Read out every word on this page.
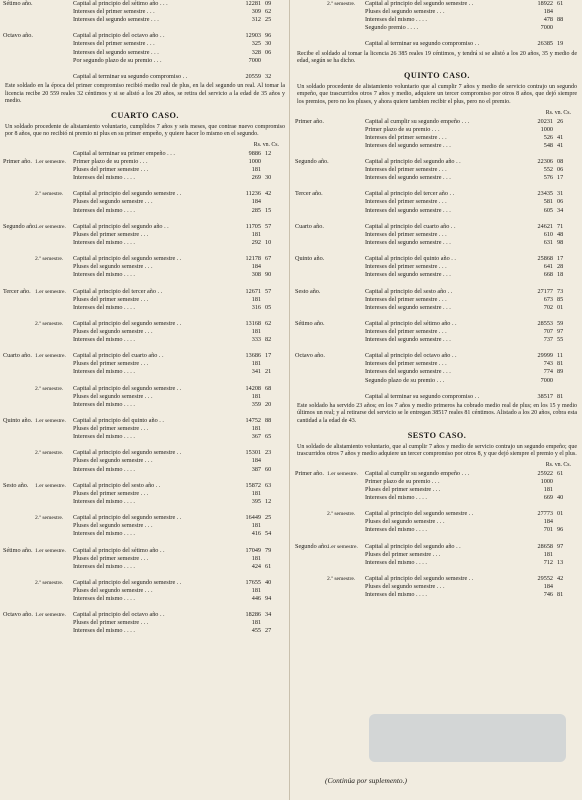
Sétimo año.	Capital al principio del sétimo año . . .	12281 09
Intereses del primer semestre . . .	309 62
Intereses del segundo semestre . . .	312 25
Octavo año.	Capital al principio del octavo año . .	12903 96
Intereses del primer semestre . . .	325 30
Intereses del segundo semestre . . .	328 06
Por segundo plazo de su premio . . .	7000
Capital al terminar su segundo compromiso . .	20559 32
Este soldado en la época del primer compromiso recibió medio real de plus, en la del segundo un real. Al tomar la licencia recibe 20 559 reales 32 céntimos y si se alistó a los 20 años, se retira del servicio a la edad de 35 años y medio.
CUARTO CASO.
Un soldado procedente de alistamiento voluntario, cumplidos 7 años y seis meses, que contrae nuevo compromiso por 8 años, que no recibió ni premio ni plus en su primer empeño, y quiere hacer lo mismo en el segundo.
Rs. vn. Cs.
Capital al terminar su primer empeño . . .	9886 12
Primer año. 1.er semestre.	Primer plazo de su premio . . .	1000
Pluses del primer semestre . . .	181
Intereses del mismo . . . .	269 30
2.º semestre.	Capital al principio del segundo semestre . .	11236 42
Pluses del segundo semestre . . .	184
Intereses del mismo . . . .	285 15
Segundo año.
1.er semestre.	Capital al principio del segundo año . .	11705 57
Pluses del primer semestre . . .	181
Intereses del mismo . . . .	292 10
2.º semestre.	Capital al principio del segundo semestre . .	12178 67
Pluses del segundo semestre . . .	184
Intereses del mismo . . . .	308 90
Tercer año. 1.er semestre.	Capital al principio del tercer año . .	12671 57
Pluses del primer semestre . . .	181
Intereses del mismo . . . .	316 05
2.º semestre.	Capital al principio del segundo semestre . .	13168 62
Pluses del segundo semestre . . .	181
Intereses del mismo . . . .	333 82
Cuarto año. 1.er semestre.	Capital al principio del cuarto año . .	13686 17
Pluses del primer semestre . . .	181
Intereses del mismo . . . .	341 21
2.º semestre.	Capital al principio del segundo semestre . .	14208 68
Pluses del segundo semestre . . .	181
Intereses del mismo . . . .	359 20
Quinto año. 1.er semestre.	Capital al principio del quinto año . .	14752 88
Pluses del primer semestre . . .	181
Intereses del mismo . . . .	367 65
2.º semestre.	Capital al principio del segundo semestre . .	15301 23
Pluses del segundo semestre . . .	184
Intereses del mismo . . . .	387 60
Sesto año.	1.er semestre.	Capital al principio del sesto año . .	15872 63
Pluses del primer semestre . . .	181
Intereses del mismo . . . .	395 12
2.º semestre.	Capital al principio del segundo semestre . .	16449 25
Pluses del segundo semestre . . .	181
Intereses del mismo . . . .	416 54
Sétimo año. 1.er semestre.	Capital al principio del sétimo año . .	17049 79
Pluses del primer semestre . . .	181
Intereses del mismo . . . .	424 61
2.º semestre.	Capital al principio del segundo semestre . .	17655 40
Pluses del segundo semestre . . .	181
Intereses del mismo . . . .	446 94
Octavo año. 1.er semestre.	Capital al principio del octavo año . .	18286 34
Pluses del primer semestre . . .	181
Intereses del mismo . . . .	455 27
2.º semestre.	Capital al principio del segundo semestre . .	18922 61
Pluses del segundo semestre . . .	184
Intereses del mismo . . . .	478 88
Segundo premio . . . .	7000
Capital al terminar su segundo compromiso . .	26385 19
Recibe el soldado al tomar la licencia 26 385 reales 19 céntimos, y tendrá si se alistó a los 20 años, 35 y medio de edad, según se ha dicho.
QUINTO CASO.
Un soldado procedente de alistamiento voluntario que al cumplir 7 años y medio de servicio contrajo un segundo empeño, que trascurridos otros 7 años y medio, adquiere un tercer compromiso por otros 8 años, que dejó siempre los premios, pero no los pluses, y ahora quiere tambien recibir el plus, pero no el premio.
Rs. vn. Cs.
Primer año.	Capital al cumplir su segundo empeño . . .	20231 26
Primer plazo de su premio . . .	1000
Intereses del primer semestre . . .	526 41
Intereses del segundo semestre . . .	548 41
Segundo año.	Capital al principio del segundo año . .	22306 08
Intereses del primer semestre . . .	552 06
Intereses del segundo semestre . . .	576 17
Tercer año.	Capital al principio del tercer año . .	23435 31
Intereses del primer semestre . . .	581 06
Intereses del segundo semestre . . .	605 34
Cuarto año.	Capital al principio del cuarto año . .	24621 71
Intereses del primer semestre . . .	610 48
Intereses del segundo semestre . . .	631 98
Quinto año.	Capital al principio del quinto año . .	25868 17
Intereses del primer semestre . . .	641 28
Intereses del segundo semestre . . .	668 18
Sesto año.	Capital al principio del sesto año . .	27177 73
Intereses del primer semestre . . .	673 85
Intereses del segundo semestre . . .	702 01
Sétimo año.	Capital al principio del sétimo año . .	28553 59
Intereses del primer semestre . . .	707 97
Intereses del segundo semestre . . .	737 55
Octavo año.	Capital al principio del octavo año . .	29999 11
Intereses del primer semestre . . .	743 81
Intereses del segundo semestre . . .	774 89
Segundo plazo de su premio . . .	7000
Capital al terminar su segundo compromiso . .	38517 81
Este soldado ha servido 23 años; en los 7 años y medio primeros ha cobrado medio real de plus; en los 15 y medio últimos un real; y al retirarse del servicio se le entregan 38517 reales 81 céntimos. Alistado a los 20 años, cobra esta cantidad a la edad de 43.
SESTO CASO.
Un soldado de alistamiento voluntario, que al cumplir 7 años y medio de servicio contrajo un segundo empeño; que trascurridos otros 7 años y medio adquiere un tercer compromiso por otros 8, y que dejó siempre el premio y el plus.
Rs. vn. Cs.
Primer año. 1.er semestre.	Capital al cumplir su segundo empeño . . .	25922 61
Primer plazo de su premio . . .	1000
Pluses del primer semestre . . .	181
Intereses del mismo . . . .	669 40
2.º semestre.	Capital al principio del segundo semestre . .	27773 01
Pluses del segundo semestre . . .	184
Intereses del mismo . . . .	701 96
Segundo año.
1.er semestre.	Capital al principio del segundo año . .	28658 97
Pluses del primer semestre . . .	181
Intereses del mismo . . . .	712 13
2.º semestre.	Capital al principio del segundo semestre . .	29552 42
Pluses del segundo semestre . . .	184
Intereses del mismo . . . .	746 81
(Continúa por suplemento.)
